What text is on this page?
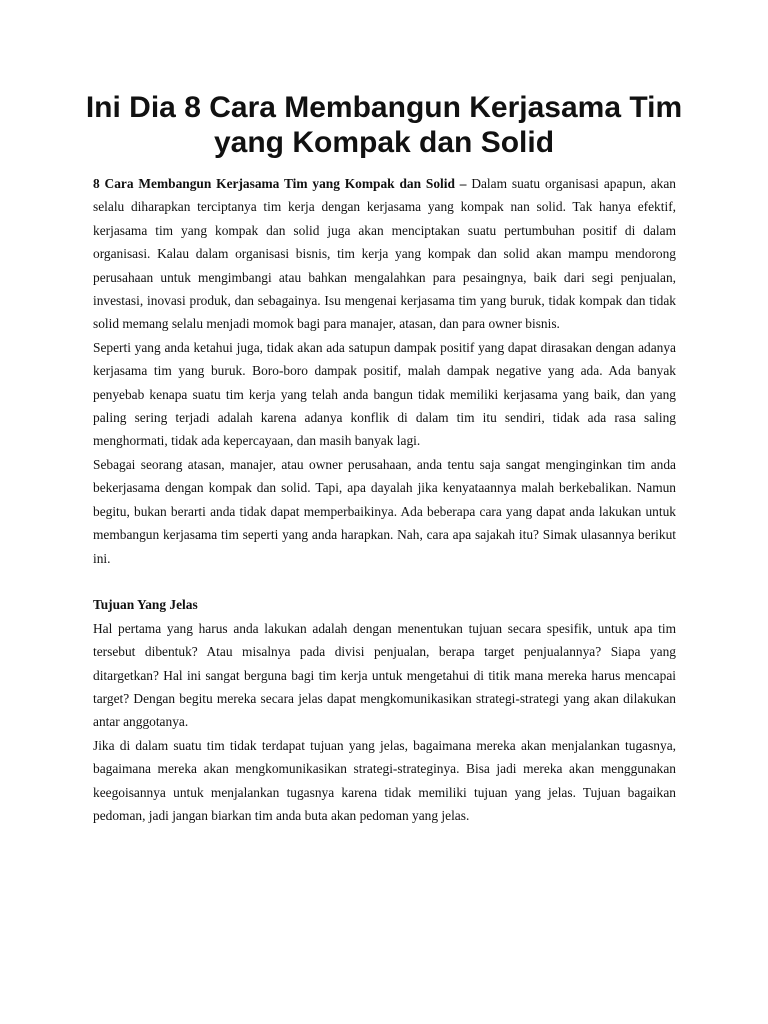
Ini Dia 8 Cara Membangun Kerjasama Tim yang Kompak dan Solid

8 Cara Membangun Kerjasama Tim yang Kompak dan Solid – Dalam suatu organisasi apapun, akan selalu diharapkan terciptanya tim kerja dengan kerjasama yang kompak nan solid. Tak hanya efektif, kerjasama tim yang kompak dan solid juga akan menciptakan suatu pertumbuhan positif di dalam organisasi. Kalau dalam organisasi bisnis, tim kerja yang kompak dan solid akan mampu mendorong perusahaan untuk mengimbangi atau bahkan mengalahkan para pesaingnya, baik dari segi penjualan, investasi, inovasi produk, dan sebagainya. Isu mengenai kerjasama tim yang buruk, tidak kompak dan tidak solid memang selalu menjadi momok bagi para manajer, atasan, dan para owner bisnis.

Seperti yang anda ketahui juga, tidak akan ada satupun dampak positif yang dapat dirasakan dengan adanya kerjasama tim yang buruk. Boro-boro dampak positif, malah dampak negative yang ada. Ada banyak penyebab kenapa suatu tim kerja yang telah anda bangun tidak memiliki kerjasama yang baik, dan yang paling sering terjadi adalah karena adanya konflik di dalam tim itu sendiri, tidak ada rasa saling menghormati, tidak ada kepercayaan, dan masih banyak lagi.

Sebagai seorang atasan, manajer, atau owner perusahaan, anda tentu saja sangat menginginkan tim anda bekerjasama dengan kompak dan solid. Tapi, apa dayalah jika kenyataannya malah berkebalikan. Namun begitu, bukan berarti anda tidak dapat memperbaikinya. Ada beberapa cara yang dapat anda lakukan untuk membangun kerjasama tim seperti yang anda harapkan. Nah, cara apa sajakah itu? Simak ulasannya berikut ini.

Tujuan Yang Jelas

Hal pertama yang harus anda lakukan adalah dengan menentukan tujuan secara spesifik, untuk apa tim tersebut dibentuk? Atau misalnya pada divisi penjualan, berapa target penjualannya? Siapa yang ditargetkan? Hal ini sangat berguna bagi tim kerja untuk mengetahui di titik mana mereka harus mencapai target? Dengan begitu mereka secara jelas dapat mengkomunikasikan strategi-strategi yang akan dilakukan antar anggotanya.

Jika di dalam suatu tim tidak terdapat tujuan yang jelas, bagaimana mereka akan menjalankan tugasnya, bagaimana mereka akan mengkomunikasikan strategi-strateginya. Bisa jadi mereka akan menggunakan keegoisannya untuk menjalankan tugasnya karena tidak memiliki tujuan yang jelas. Tujuan bagaikan pedoman, jadi jangan biarkan tim anda buta akan pedoman yang jelas.
